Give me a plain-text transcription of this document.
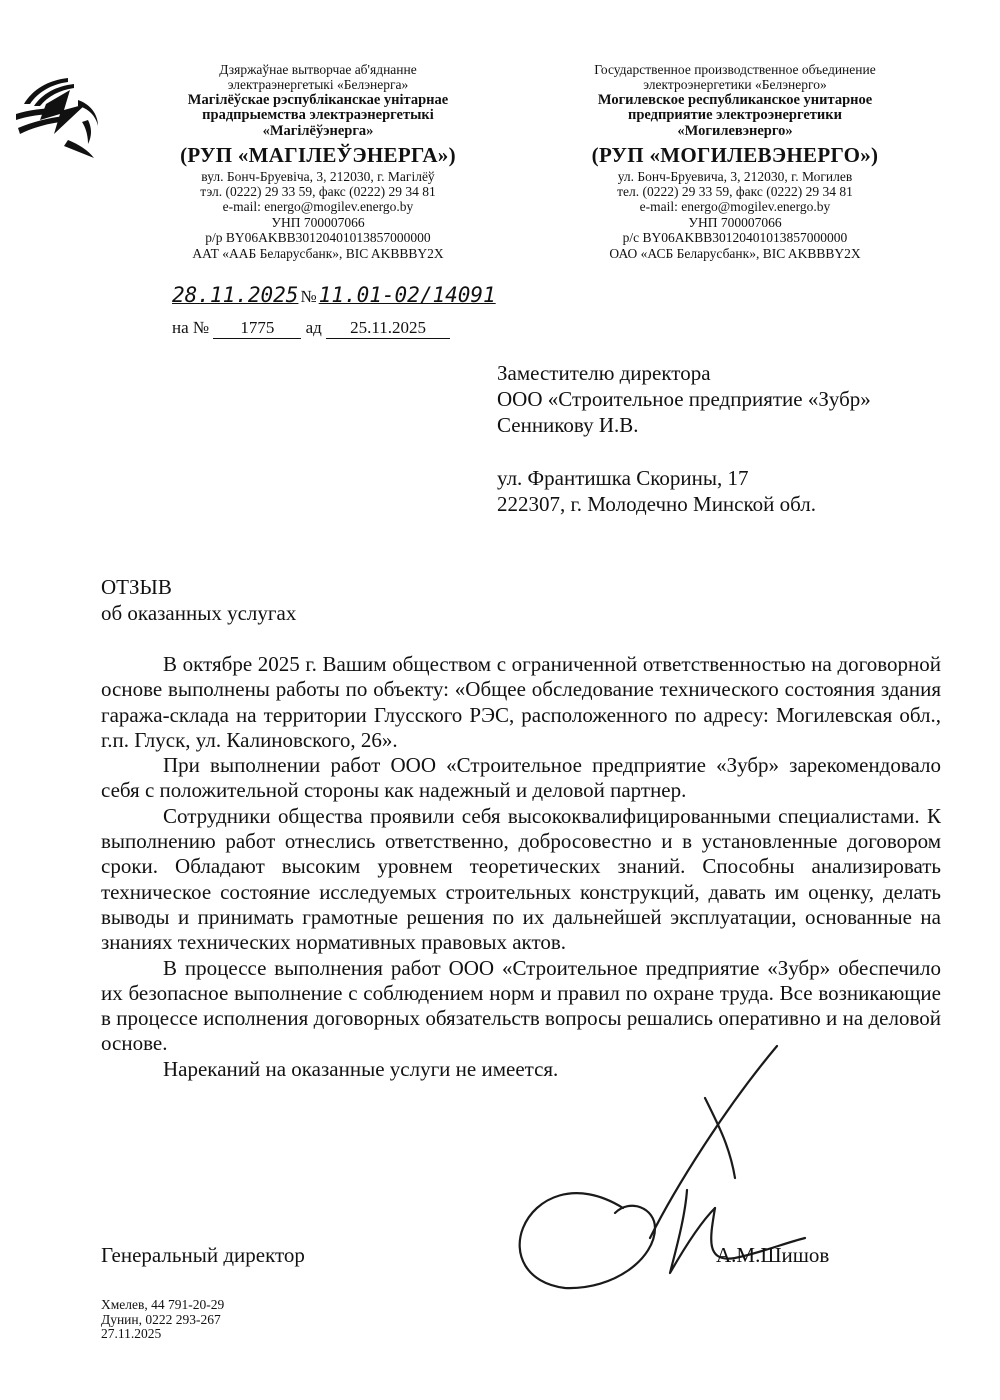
Дзяржаўнае вытворчае аб'яднанне
электраэнергетыкі «Белэнерга»
Магілёўскае рэспубліканскае унітарнае
прадпрыемства электраэнергетыкі
«Магілёўэнерга»
(РУП «МАГІЛЕЎЭНЕРГА»)
вул. Бонч-Бруевіча, 3, 212030, г. Магілёў
тэл. (0222) 29 33 59, факс (0222) 29 34 81
e-mail: energo@mogilev.energo.by
УНП 700007066
р/р BY06AKBB30120401013857000000
ААТ «ААБ Беларусбанк», BIC AKBBBY2X
Государственное производственное объединение
электроэнергетики «Белэнерго»
Могилевское республиканское унитарное
предприятие электроэнергетики
«Могилевэнерго»
(РУП «МОГИЛЕВЭНЕРГО»)
ул. Бонч-Бруевича, 3, 212030, г. Могилев
тел. (0222) 29 33 59, факс (0222) 29 34 81
e-mail: energo@mogilev.energo.by
УНП 700007066
р/с BY06AKBB30120401013857000000
ОАО «АСБ Беларусбанк», BIC AKBBBY2X
28.11.2025 №11.01-02/14091
на № 1775 ад 25.11.2025
Заместителю директора
ООО «Строительное предприятие «Зубр»
Сенникову И.В.
ул. Франтишка Скорины, 17
222307, г. Молодечно Минской обл.
ОТЗЫВ
об оказанных услугах

В октябре 2025 г. Вашим обществом с ограниченной ответственностью на договорной основе выполнены работы по объекту: «Общее обследование технического состояния здания гаража-склада на территории Глусского РЭС, расположенного по адресу: Могилевская обл., г.п. Глуск, ул. Калиновского, 26».

При выполнении работ ООО «Строительное предприятие «Зубр» зарекомендовало себя с положительной стороны как надежный и деловой партнер.

Сотрудники общества проявили себя высококвалифицированными специалистами. К выполнению работ отнеслись ответственно, добросовестно и в установленные договором сроки. Обладают высоким уровнем теоретических знаний. Способны анализировать техническое состояние исследуемых строительных конструкций, давать им оценку, делать выводы и принимать грамотные решения по их дальнейшей эксплуатации, основанные на знаниях технических нормативных правовых актов.

В процессе выполнения работ ООО «Строительное предприятие «Зубр» обеспечило их безопасное выполнение с соблюдением норм и правил по охране труда. Все возникающие в процессе исполнения договорных обязательств вопросы решались оперативно и на деловой основе.

Нареканий на оказанные услуги не имеется.

Генеральный директор	А.М.Шишов
Хмелев, 44 791-20-29
Дунин, 0222 293-267
27.11.2025
